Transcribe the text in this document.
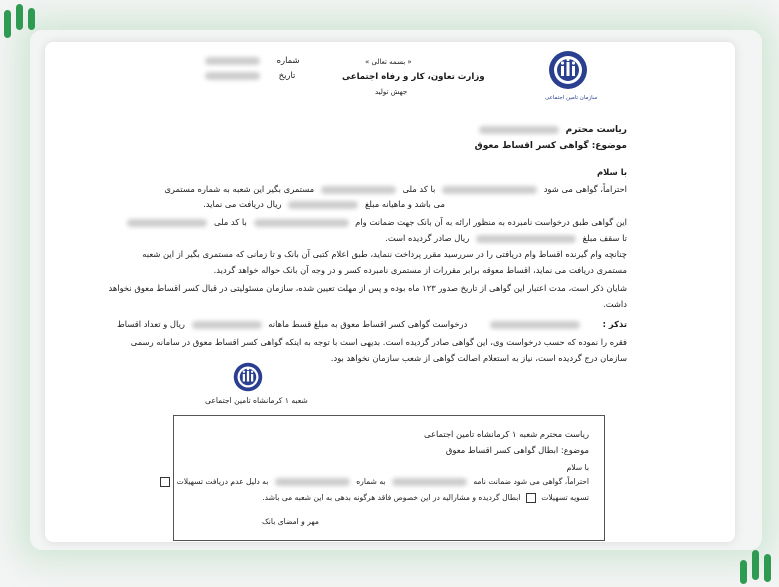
شماره
تاریخ
« بسمه تعالی »
وزارت تعاون، کار و رفاه اجتماعی
جهش تولید
سازمان تامین اجتماعی
ریاست محترم
موضوع: گواهی کسر اقساط معوق
با سلام
احتراماً، گواهی می شود  با کد ملی  مستمری بگیر این شعبه به شماره مستمری
می باشد و ماهیانه مبلغ  ریال دریافت می نماید.
این گواهی طبق درخواست نامبرده به منظور ارائه به آن بانک جهت ضمانت وام  با کد ملی
تا سقف مبلغ  ریال صادر گردیده است.
چنانچه وام گیرنده اقساط وام دریافتی را در سررسید مقرر پرداخت ننماید، طبق اعلام کتبی آن بانک و تا زمانی که مستمری بگیر از این شعبه
مستمری دریافت می نماید، اقساط معوقه برابر مقررات از مستمری نامبرده کسر و در وجه آن بانک حواله خواهد گردید.
شایان ذکر است، مدت اعتبار این گواهی از تاریخ صدور ۱۲۳ ماه بوده و پس از مهلت تعیین شده، سازمان مسئولیتی در قبال کسر اقساط معوق نخواهد
داشت.
تذکر :  درخواست گواهی کسر اقساط معوق به مبلغ قسط ماهانه  ریال و تعداد اقساط
فقره را نموده که حسب درخواست وی، این گواهی صادر گردیده است. بدیهی است با توجه به اینکه گواهی کسر اقساط معوق در سامانه رسمی
سازمان درج گردیده است، نیاز به استعلام اصالت گواهی از شعب سازمان نخواهد بود.
شعبه ۱ کرمانشاه تامین اجتماعی
ریاست محترم شعبه ۱ کرمانشاه تامین اجتماعی
موضوع: ابطال گواهی کسر اقساط معوق
با سلام
احتراماً، گواهی می شود ضمانت نامه  به شماره  به دلیل عدم دریافت تسهیلات
تسویه تسهیلات  ابطال گردیده و مشارالیه در این خصوص فاقد هرگونه بدهی به این شعبه می باشد.
مهر و امضای بانک
